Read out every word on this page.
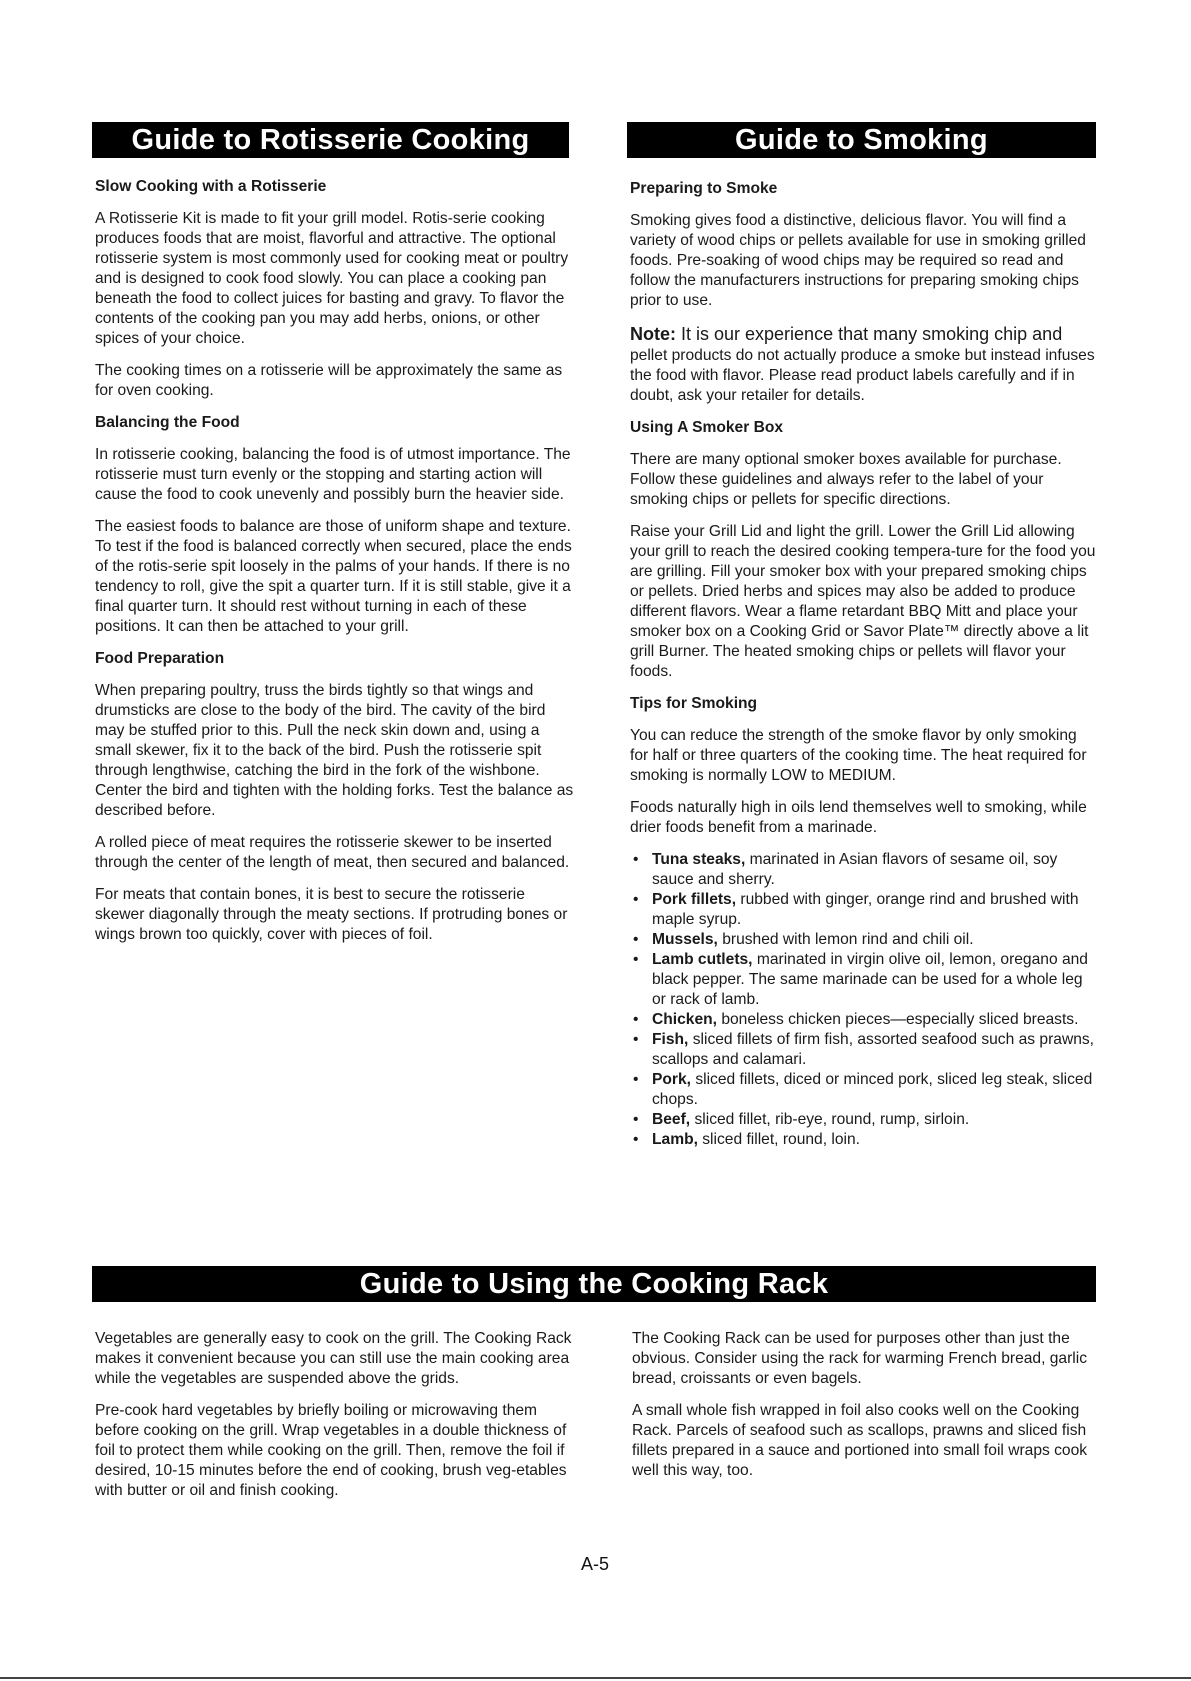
Guide to Rotisserie Cooking	Guide to Smoking
Slow Cooking with a Rotisserie

A Rotisserie Kit is made to fit your grill model. Rotis-serie cooking produces foods that are moist, flavorful and attractive. The optional rotisserie system is most commonly used for cooking meat or poultry and is designed to cook food slowly. You can place a cooking pan beneath the food to collect juices for basting and gravy. To flavor the contents of the cooking pan you may add herbs, onions, or other spices of your choice.

The cooking times on a rotisserie will be approximately the same as for oven cooking.

Balancing the Food

In rotisserie cooking, balancing the food is of utmost importance. The rotisserie must turn evenly or the stopping and starting action will cause the food to cook unevenly and possibly burn the heavier side.

The easiest foods to balance are those of uniform shape and texture. To test if the food is balanced correctly when secured, place the ends of the rotis-serie spit loosely in the palms of your hands. If there is no tendency to roll, give the spit a quarter turn. If it is still stable, give it a final quarter turn. It should rest without turning in each of these positions. It can then be attached to your grill.

Food Preparation

When preparing poultry, truss the birds tightly so that wings and drumsticks are close to the body of the bird. The cavity of the bird may be stuffed prior to this. Pull the neck skin down and, using a small skewer, fix it to the back of the bird. Push the rotisserie spit through lengthwise, catching the bird in the fork of the wishbone. Center the bird and tighten with the holding forks. Test the balance as described before.

A rolled piece of meat requires the rotisserie skewer to be inserted through the center of the length of meat, then secured and balanced.

For meats that contain bones, it is best to secure the rotisserie skewer diagonally through the meaty sections. If protruding bones or wings brown too quickly, cover with pieces of foil.

Preparing to Smoke

Smoking gives food a distinctive, delicious flavor. You will find a variety of wood chips or pellets available for use in smoking grilled foods. Pre-soaking of wood chips may be required so read and follow the manufacturers instructions for preparing smoking chips prior to use.

Note: It is our experience that many smoking chip and pellet products do not actually produce a smoke but instead infuses the food with flavor. Please read product labels carefully and if in doubt, ask your retailer for details.

Using A Smoker Box

There are many optional smoker boxes available for purchase. Follow these guidelines and always refer to the label of your smoking chips or pellets for specific directions.

Raise your Grill Lid and light the grill. Lower the Grill Lid allowing your grill to reach the desired cooking tempera-ture for the food you are grilling. Fill your smoker box with your prepared smoking chips or pellets. Dried herbs and spices may also be added to produce different flavors. Wear a flame retardant BBQ Mitt and place your smoker box on a Cooking Grid or Savor Plate™ directly above a lit grill Burner. The heated smoking chips or pellets will flavor your foods.

Tips for Smoking

You can reduce the strength of the smoke flavor by only smoking for half or three quarters of the cooking time. The heat required for smoking is normally LOW to MEDIUM.

Foods naturally high in oils lend themselves well to smoking, while drier foods benefit from a marinade.

• Tuna steaks, marinated in Asian flavors of sesame oil, soy sauce and sherry.
• Pork fillets, rubbed with ginger, orange rind and brushed with maple syrup.
• Mussels, brushed with lemon rind and chili oil.
• Lamb cutlets, marinated in virgin olive oil, lemon, oregano and black pepper. The same marinade can be used for a whole leg or rack of lamb.
• Chicken, boneless chicken pieces—especially sliced breasts.
• Fish, sliced fillets of firm fish, assorted seafood such as prawns, scallops and calamari.
• Pork, sliced fillets, diced or minced pork, sliced leg steak, sliced chops.
• Beef, sliced fillet, rib-eye, round, rump, sirloin.
• Lamb, sliced fillet, round, loin.
Guide to Using the Cooking Rack

Vegetables are generally easy to cook on the grill. The Cooking Rack makes it convenient because you can still use the main cooking area while the vegetables are suspended above the grids.

Pre-cook hard vegetables by briefly boiling or microwaving them before cooking on the grill. Wrap vegetables in a double thickness of foil to protect them while cooking on the grill. Then, remove the foil if desired, 10-15 minutes before the end of cooking, brush veg-etables with butter or oil and finish cooking.

The Cooking Rack can be used for purposes other than just the obvious. Consider using the rack for warming French bread, garlic bread, croissants or even bagels.

A small whole fish wrapped in foil also cooks well on the Cooking Rack. Parcels of seafood such as scallops, prawns and sliced fish fillets prepared in a sauce and portioned into small foil wraps cook well this way, too.

A-5
